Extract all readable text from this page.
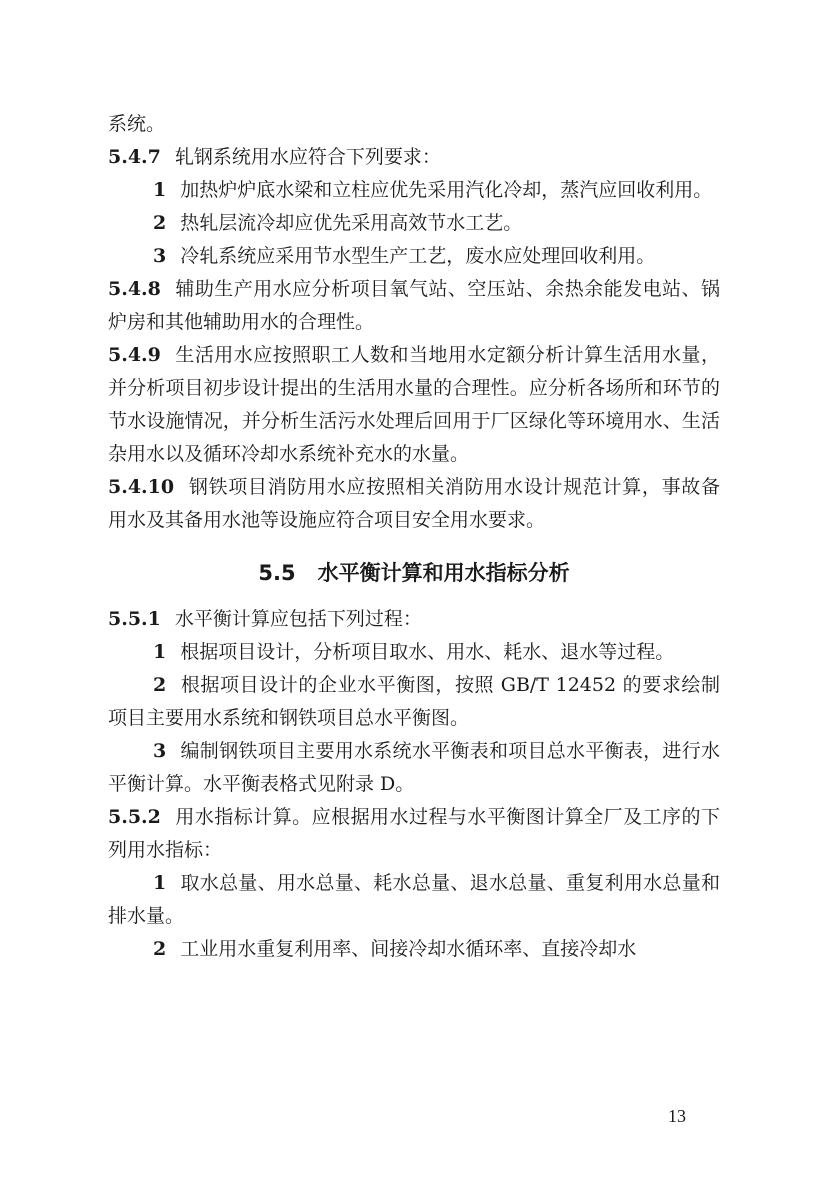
系统。

5.4.7 轧钢系统用水应符合下列要求：

1 加热炉炉底水梁和立柱应优先采用汽化冷却，蒸汽应回收利用。

2 热轧层流冷却应优先采用高效节水工艺。

3 冷轧系统应采用节水型生产工艺，废水应处理回收利用。

5.4.8 辅助生产用水应分析项目氧气站、空压站、余热余能发电站、锅炉房和其他辅助用水的合理性。

5.4.9 生活用水应按照职工人数和当地用水定额分析计算生活用水量，并分析项目初步设计提出的生活用水量的合理性。应分析各场所和环节的节水设施情况，并分析生活污水处理后回用于厂区绿化等环境用水、生活杂用水以及循环冷却水系统补充水的水量。

5.4.10 钢铁项目消防用水应按照相关消防用水设计规范计算，事故备用水及其备用水池等设施应符合项目安全用水要求。

5.5 水平衡计算和用水指标分析

5.5.1 水平衡计算应包括下列过程：

1 根据项目设计，分析项目取水、用水、耗水、退水等过程。

2 根据项目设计的企业水平衡图，按照 GB/T 12452 的要求绘制项目主要用水系统和钢铁项目总水平衡图。

3 编制钢铁项目主要用水系统水平衡表和项目总水平衡表，进行水平衡计算。水平衡表格式见附录 D。

5.5.2 用水指标计算。应根据用水过程与水平衡图计算全厂及工序的下列用水指标：

1 取水总量、用水总量、耗水总量、退水总量、重复利用水总量和排水量。

2 工业用水重复利用率、间接冷却水循环率、直接冷却水

13
